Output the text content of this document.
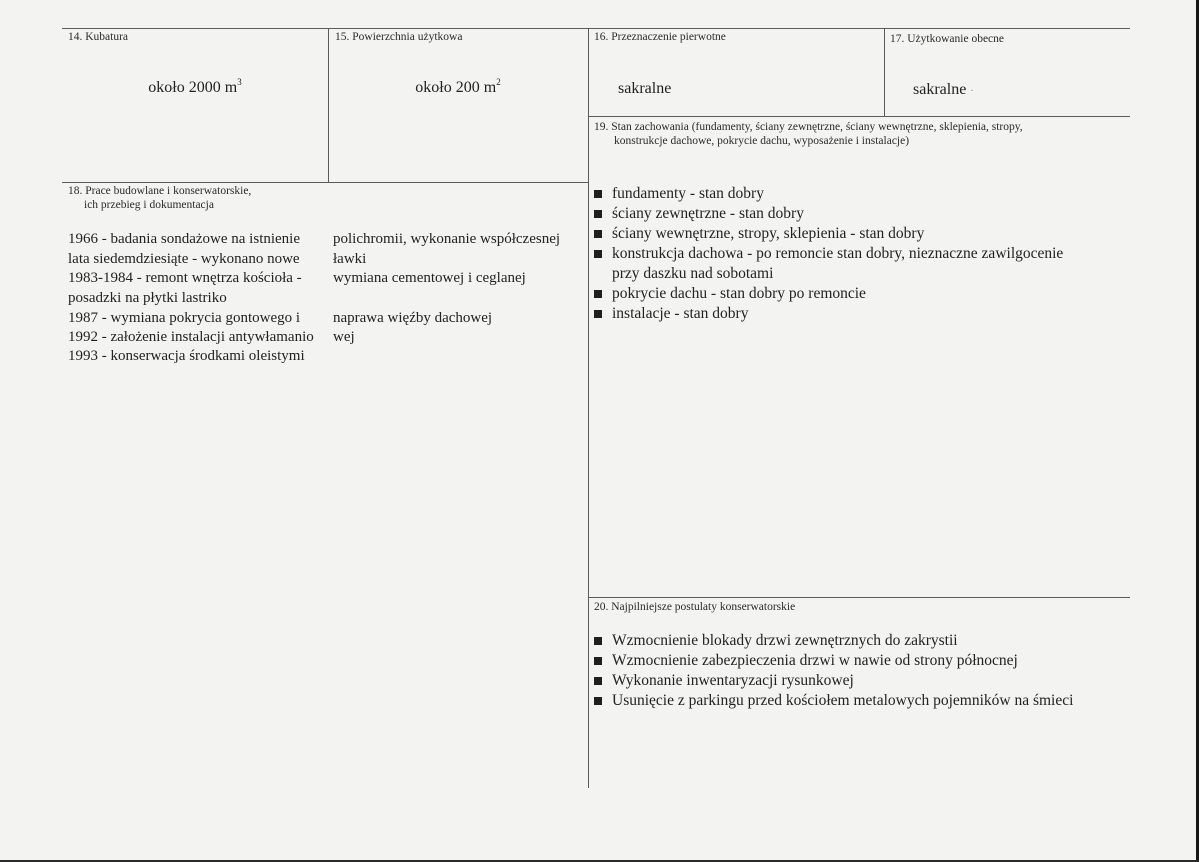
14. Kubatura
około 2000 $m^3$
15. Powierzchnia użytkowa
około 200 $m^2$
16. Przeznaczenie pierwotne
sakralne
17. Użytkowanie obecne
sakralne ·
19. Stan zachowania (fundamenty, ściany zewnętrzne, ściany wewnętrzne, sklepienia, stropy,
konstrukcje dachowe, pokrycie dachu, wyposażenie i instalacje)
fundamenty - stan dobry
ściany zewnętrzne - stan dobry
ściany wewnętrzne, stropy, sklepienia - stan dobry
konstrukcja dachowa - po remoncie stan dobry, nieznaczne zawilgocenie
przy daszku nad sobotami
pokrycie dachu - stan dobry po remoncie
instalacje - stan dobry
18. Prace budowlane i konserwatorskie,
ich przebieg i dokumentacja
1966 - badania sondażowe na istnienie polichromii, wykonanie współczesnej
lata siedemdziesiąte - wykonano nowe ławki
1983-1984 - remont wnętrza kościoła - wymiana cementowej i ceglanej
posadzki na płytki lastriko
1987 - wymiana pokrycia gontowego i naprawa więźby dachowej
1992 - założenie instalacji antywłamanio wej
1993 - konserwacja środkami oleistymi
20. Najpilniejsze postulaty konserwatorskie
Wzmocnienie blokady drzwi zewnętrznych do zakrystii
Wzmocnienie zabezpieczenia drzwi w nawie od strony północnej
Wykonanie inwentaryzacji rysunkowej
Usunięcie z parkingu przed kościołem metalowych pojemników na śmieci
